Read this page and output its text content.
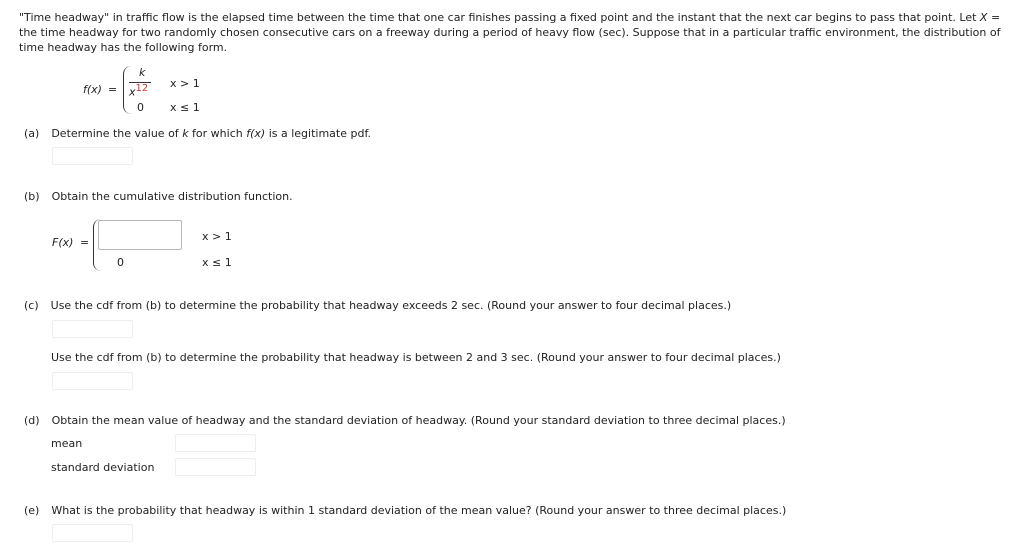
"Time headway" in traffic flow is the elapsed time between the time that one car finishes passing a fixed point and the instant that the next car begins to pass that point. Let X = the time headway for two randomly chosen consecutive cars on a freeway during a period of heavy flow (sec). Suppose that in a particular traffic environment, the distribution of time headway has the following form.
f(x) =
k
$x^{12}$ x > 1
0 x ≤ 1
(a) Determine the value of k for which f(x) is a legitimate pdf.
(b) Obtain the cumulative distribution function.
F(x) =	x > 1
0	x ≤ 1
(c) Use the cdf from (b) to determine the probability that headway exceeds 2 sec. (Round your answer to four decimal places.)
Use the cdf from (b) to determine the probability that headway is between 2 and 3 sec. (Round your answer to four decimal places.)
(d) Obtain the mean value of headway and the standard deviation of headway. (Round your standard deviation to three decimal places.)
mean
standard deviation
(e) What is the probability that headway is within 1 standard deviation of the mean value? (Round your answer to three decimal places.)
